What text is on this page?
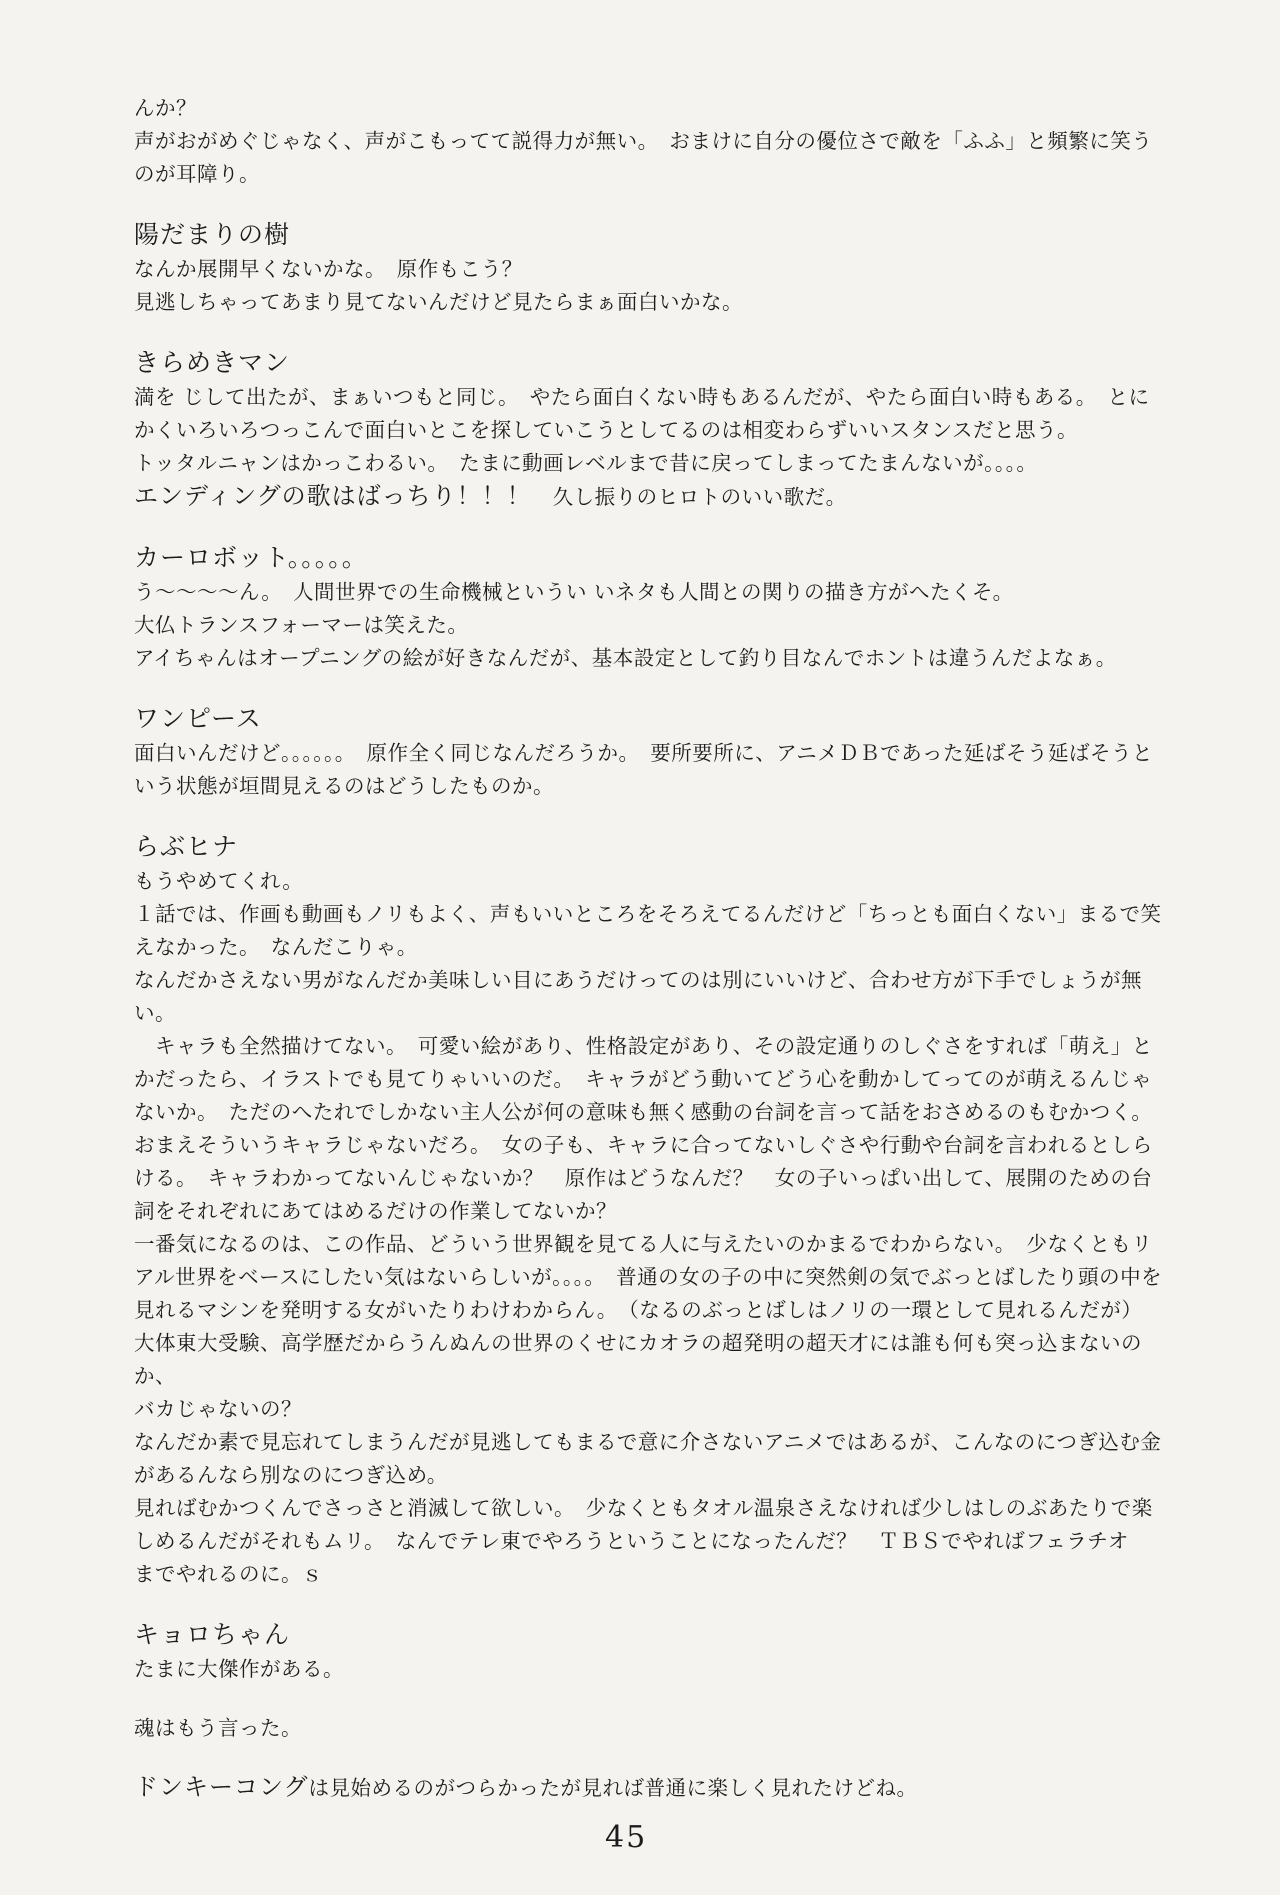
んか？

声がおがめぐじゃなく、声がこもってて説得力が無い。　おまけに自分の優位さで敵を「ふふ」と頻繁に笑う

のが耳障り。

陽だまりの樹

なんか展開早くないかな。　原作もこう？

見逃しちゃってあまり見てないんだけど見たらまぁ面白いかな。

きらめきマン

満を じして出たが、まぁいつもと同じ。　やたら面白くない時もあるんだが、やたら面白い時もある。　とに

かくいろいろつっこんで面白いとこを探していこうとしてるのは相変わらずいいスタンスだと思う。

トッタルニャンはかっこわるい。　たまに動画レベルまで昔に戻ってしまってたまんないが。。。。

エンディングの歌はばっちり！！！　久し振りのヒロトのいい歌だ。

カーロボット。。。。。

う～～～～ん。　人間世界での生命機械というい いネタも人間との関りの描き方がへたくそ。

大仏トランスフォーマーは笑えた。

アイちゃんはオープニングの絵が好きなんだが、基本設定として釣り目なんでホントは違うんだよなぁ。

ワンピース

面白いんだけど。。。。。。　原作全く同じなんだろうか。　要所要所に、アニメＤＢであった延ばそう延ばそうと

いう状態が垣間見えるのはどうしたものか。

らぶヒナ

もうやめてくれ。

１話では、作画も動画もノリもよく、声もいいところをそろえてるんだけど「ちっとも面白くない」まるで笑

えなかった。　なんだこりゃ。

なんだかさえない男がなんだか美味しい目にあうだけってのは別にいいけど、合わせ方が下手でしょうが無い。

　キャラも全然描けてない。　可愛い絵があり、性格設定があり、その設定通りのしぐさをすれば「萌え」と

かだったら、イラストでも見てりゃいいのだ。　キャラがどう動いてどう心を動かしてってのが萌えるんじゃ

ないか。　ただのへたれでしかない主人公が何の意味も無く感動の台詞を言って話をおさめるのもむかつく。

おまえそういうキャラじゃないだろ。　女の子も、キャラに合ってないしぐさや行動や台詞を言われるとしら

ける。　キャラわかってないんじゃないか？　原作はどうなんだ？　女の子いっぱい出して、展開のための台

詞をそれぞれにあてはめるだけの作業してないか？

一番気になるのは、この作品、どういう世界観を見てる人に与えたいのかまるでわからない。　少なくともリ

アル世界をベースにしたい気はないらしいが。。。。　普通の女の子の中に突然剣の気でぶっとばしたり頭の中を

見れるマシンを発明する女がいたりわけわからん。　（なるのぶっとばしはノリの一環として見れるんだが）

大体東大受験、高学歴だからうんぬんの世界のくせにカオラの超発明の超天才には誰も何も突っ込まないのか、

バカじゃないの？

なんだか素で見忘れてしまうんだが見逃してもまるで意に介さないアニメではあるが、こんなのにつぎ込む金

があるんなら別なのにつぎ込め。

見ればむかつくんでさっさと消滅して欲しい。　少なくともタオル温泉さえなければ少しはしのぶあたりで楽

しめるんだがそれもムリ。　なんでテレ東でやろうということになったんだ？　ＴＢＳでやればフェラチオ

までやれるのに。ｓ

キョロちゃん

たまに大傑作がある。

魂はもう言った。

ドンキーコングは見始めるのがつらかったが見れば普通に楽しく見れたけどね。

45
